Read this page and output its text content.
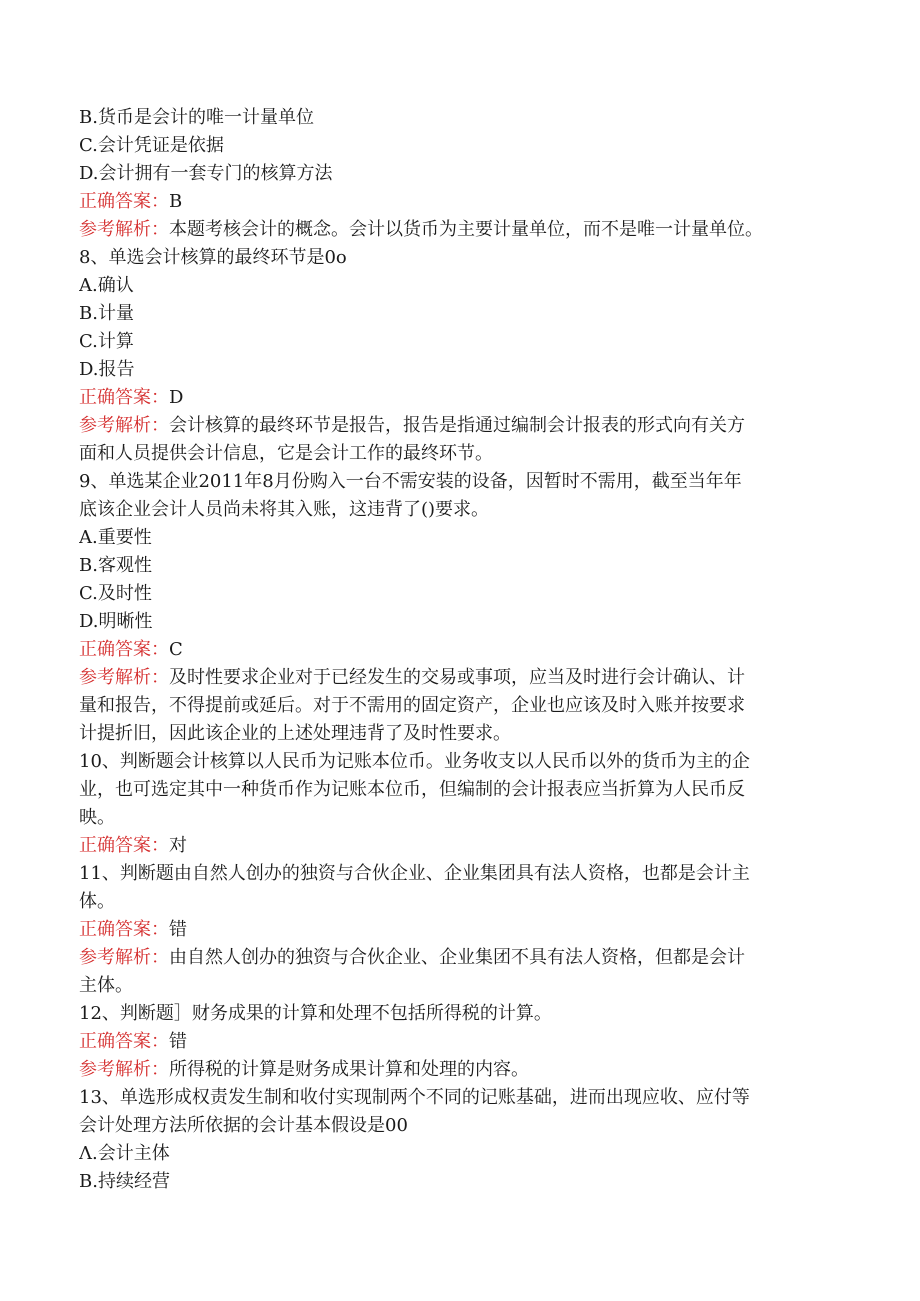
B.货币是会计的唯一计量单位
C.会计凭证是依据
D.会计拥有一套专门的核算方法
正确答案：B
参考解析：本题考核会计的概念。会计以货币为主要计量单位，而不是唯一计量单位。
8、单选会计核算的最终环节是0o
A.确认
B.计量
C.计算
D.报告
正确答案：D
参考解析：会计核算的最终环节是报告，报告是指通过编制会计报表的形式向有关方
面和人员提供会计信息，它是会计工作的最终环节。
9、单选某企业2011年8月份购入一台不需安装的设备，因暂时不需用，截至当年年
底该企业会计人员尚未将其入账，这违背了()要求。
A.重要性
B.客观性
C.及时性
D.明晰性
正确答案：C
参考解析：及时性要求企业对于已经发生的交易或事项，应当及时进行会计确认、计
量和报告，不得提前或延后。对于不需用的固定资产，企业也应该及时入账并按要求
计提折旧，因此该企业的上述处理违背了及时性要求。
10、判断题会计核算以人民币为记账本位币。业务收支以人民币以外的货币为主的企
业，也可选定其中一种货币作为记账本位币，但编制的会计报表应当折算为人民币反
映。
正确答案：对
11、判断题由自然人创办的独资与合伙企业、企业集团具有法人资格，也都是会计主
体。
正确答案：错
参考解析：由自然人创办的独资与合伙企业、企业集团不具有法人资格，但都是会计
主体。
12、判断题］财务成果的计算和处理不包括所得税的计算。
正确答案：错
参考解析：所得税的计算是财务成果计算和处理的内容。
13、单选形成权责发生制和收付实现制两个不同的记账基础，进而出现应收、应付等
会计处理方法所依据的会计基本假设是00
Λ.会计主体
B.持续经营
